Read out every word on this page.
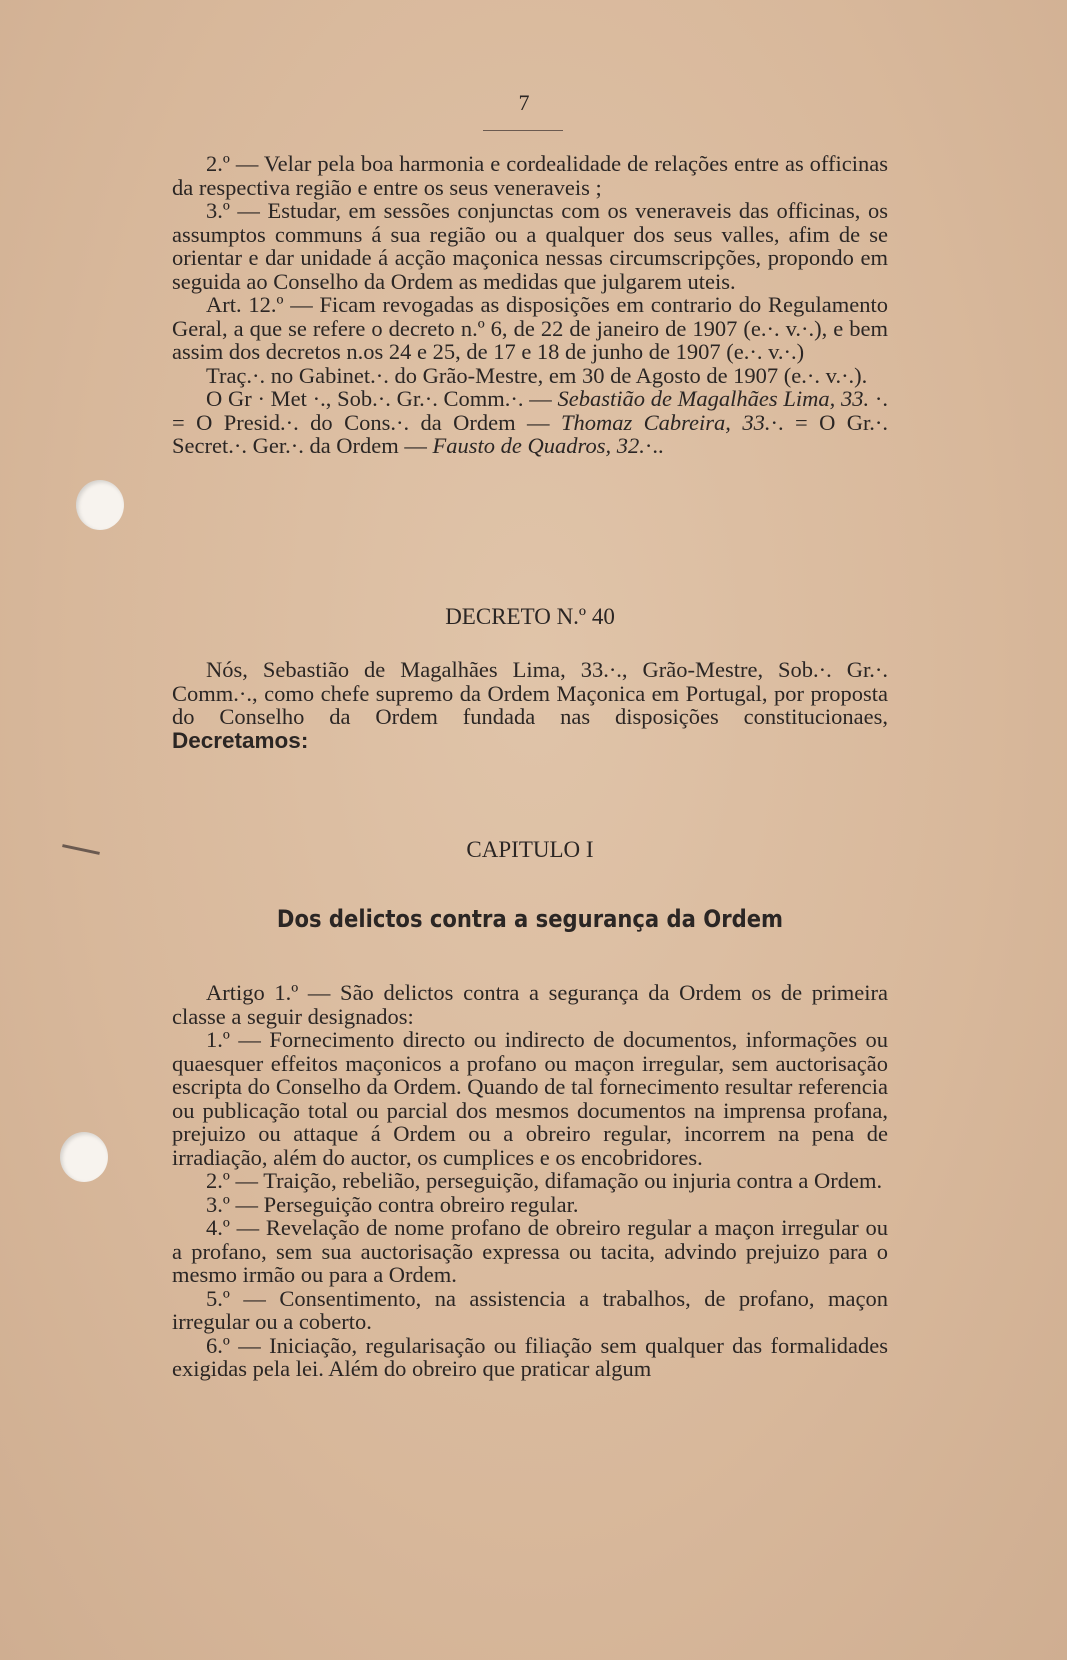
7

2.º — Velar pela boa harmonia e cordealidade de relações entre as officinas da respectiva região e entre os seus veneraveis ;

3.º — Estudar, em sessões conjunctas com os veneraveis das officinas, os assumptos communs á sua região ou a qualquer dos seus valles, afim de se orientar e dar unidade á acção maçonica nessas circumscripções, propondo em seguida ao Conselho da Ordem as medidas que julgarem uteis.

Art. 12.º — Ficam revogadas as disposições em contrario do Regulamento Geral, a que se refere o decreto n.º 6, de 22 de janeiro de 1907 (e.·. v.·.), e bem assim dos decretos n.os 24 e 25, de 17 e 18 de junho de 1907 (e.·. v.·.)

Traç.·. no Gabinet.·. do Grão-Mestre, em 30 de Agosto de 1907 (e.·. v.·.).

O Gr · Met ·., Sob.·. Gr.·. Comm.·. — Sebastião de Magalhães Lima, 33. ·. = O Presid.·. do Cons.·. da Ordem — Thomaz Cabreira, 33.·. = O Gr.·. Secret.·. Ger.·. da Ordem — Fausto de Quadros, 32.·..

DECRETO N.º 40

Nós, Sebastião de Magalhães Lima, 33.·., Grão-Mestre, Sob.·. Gr.·. Comm.·., como chefe supremo da Ordem Maçonica em Portugal, por proposta do Conselho da Ordem fundada nas disposições constitucionaes, Decretamos:

CAPITULO I
Dos delictos contra a segurança da Ordem

Artigo 1.º — São delictos contra a segurança da Ordem os de primeira classe a seguir designados:

1.º — Fornecimento directo ou indirecto de documentos, informações ou quaesquer effeitos maçonicos a profano ou maçon irregular, sem auctorisação escripta do Conselho da Ordem. Quando de tal fornecimento resultar referencia ou publicação total ou parcial dos mesmos documentos na imprensa profana, prejuizo ou attaque á Ordem ou a obreiro regular, incorrem na pena de irradiação, além do auctor, os cumplices e os encobridores.

2.º — Traição, rebelião, perseguição, difamação ou injuria contra a Ordem.

3.º — Perseguição contra obreiro regular.

4.º — Revelação de nome profano de obreiro regular a maçon irregular ou a profano, sem sua auctorisação expressa ou tacita, advindo prejuizo para o mesmo irmão ou para a Ordem.

5.º — Consentimento, na assistencia a trabalhos, de profano, maçon irregular ou a coberto.

6.º — Iniciação, regularisação ou filiação sem qualquer das formalidades exigidas pela lei. Além do obreiro que praticar algum
